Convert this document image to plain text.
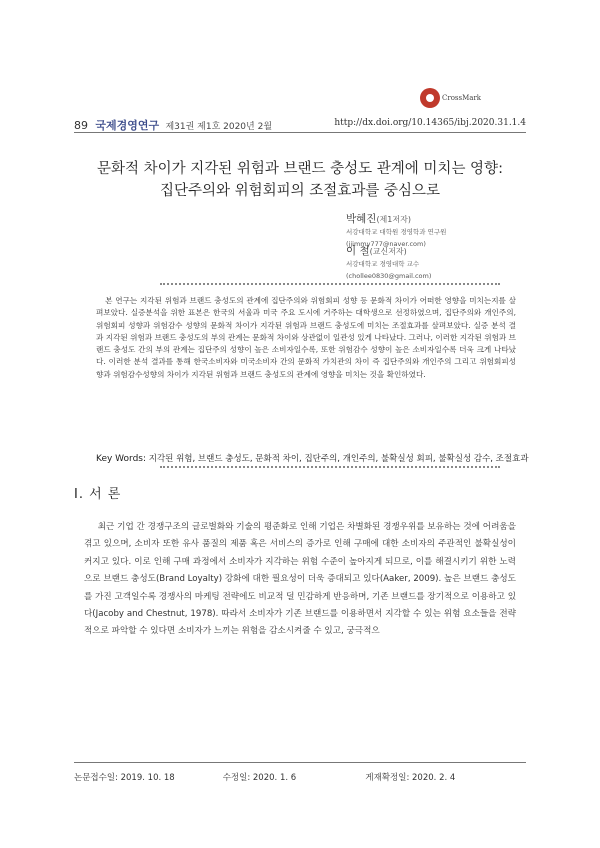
CrossMark
89 국제경영연구 제31권 제1호 2020년 2월	http://dx.doi.org/10.14365/ibj.2020.31.1.4
문화적 차이가 지각된 위험과 브랜드 충성도 관계에 미치는 영향:
집단주의와 위험회피의 조절효과를 중심으로
박혜진(제1저자)
서강대학교 대학원 경영학과 연구원
(jjimmy777@naver.com)
이 철(교신저자)
서강대학교 경영대학 교수
(chollee0830@gmail.com)
본 연구는 지각된 위험과 브랜드 충성도의 관계에 집단주의와 위험회피 성향 등 문화적 차이가 어떠한 영향을 미치는지를 살펴보았다. 실증분석을 위한 표본은 한국의 서울과 미국 주요 도시에 거주하는 대학생으로 선정하였으며, 집단주의와 개인주의, 위험회피 성향과 위험감수 성향의 문화적 차이가 지각된 위험과 브랜드 충성도에 미치는 조절효과를 살펴보았다. 실증 분석 결과 지각된 위험과 브랜드 충성도의 부의 관계는 문화적 차이와 상관없이 일관성 있게 나타났다. 그러나, 이러한 지각된 위험과 브랜드 충성도 간의 부의 관계는 집단주의 성향이 높은 소비자일수록, 또한 위험감수 성향이 높은 소비자일수록 더욱 크게 나타났다. 이러한 분석 결과를 통해 한국소비자와 미국소비자 간의 문화적 가치관의 차이 즉 집단주의와 개인주의 그리고 위험회피성향과 위험감수성향의 차이가 지각된 위험과 브랜드 충성도의 관계에 영향을 미치는 것을 확인하였다.
Key Words: 지각된 위험, 브랜드 충성도, 문화적 차이, 집단주의, 개인주의, 불확실성 회피, 불확실성 감수, 조절효과
Ⅰ. 서 론
최근 기업 간 경쟁구조의 글로벌화와 기술의 평준화로 인해 기업은 차별화된 경쟁우위를 보유하는 것에 어려움을 겪고 있으며, 소비자 또한 유사 품질의 제품 혹은 서비스의 증가로 인해 구매에 대한 소비자의 주관적인 불확실성이 커지고 있다. 이로 인해 구매 과정에서 소비자가 지각하는 위험 수준이 높아지게 되므로, 이를 해결시키기 위한 노력으로 브랜드 충성도(Brand Loyalty) 강화에 대한 필요성이 더욱 증대되고 있다(Aaker, 2009). 높은 브랜드 충성도를 가진 고객일수록 경쟁사의 마케팅 전략에도 비교적 덜 민감하게 반응하며, 기존 브랜드를 장기적으로 이용하고 있다(Jacoby and Chestnut, 1978). 따라서 소비자가 기존 브랜드를 이용하면서 지각할 수 있는 위험 요소들을 전략적으로 파악할 수 있다면 소비자가 느끼는 위험을 감소시켜줄 수 있고, 궁극적으
논문접수일: 2019. 10. 18	수정일: 2020. 1. 6	게재확정일: 2020. 2. 4
